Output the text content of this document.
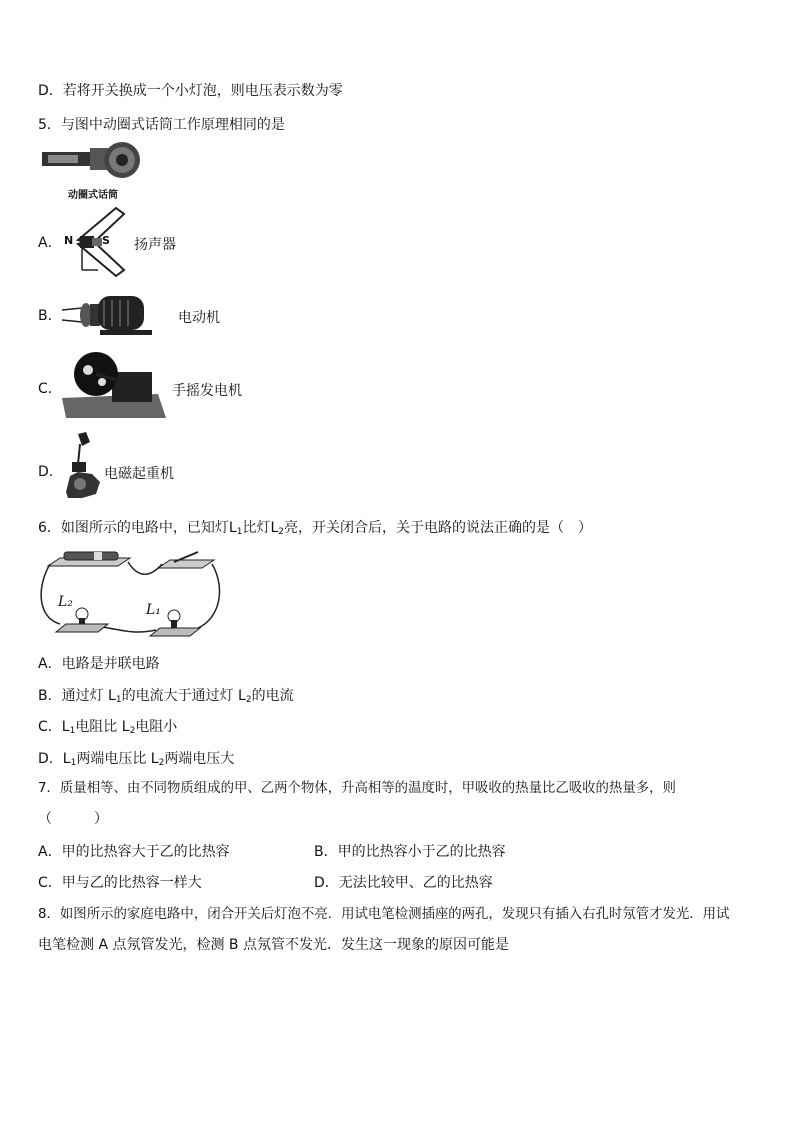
D．若将开关换成一个小灯泡，则电压表示数为零
5．与图中动圈式话筒工作原理相同的是
动圈式话筒
A． N	S 扬声器
B．	电动机
C．	手摇发电机
D．	电磁起重机
6．如图所示的电路中，已知灯$L_1$比灯$L_2$亮，开关闭合后，关于电路的说法正确的是（　）
L₂	L₁
A．电路是并联电路
B．通过灯 $L_1$的电流大于通过灯 $L_2$的电流
C．$L_1$电阻比 $L_2$电阻小
D．$L_1$两端电压比 $L_2$两端电压大
7．质量相等、由不同物质组成的甲、乙两个物体，升高相等的温度时，甲吸收的热量比乙吸收的热量多，则
（　　　）
A．甲的比热容大于乙的比热容	B．甲的比热容小于乙的比热容
C．甲与乙的比热容一样大	D．无法比较甲、乙的比热容
8．如图所示的家庭电路中，闭合开关后灯泡不亮．用试电笔检测插座的两孔，发现只有插入右孔时氖管才发光．用试
电笔检测 A 点氖管发光，检测 B 点氖管不发光．发生这一现象的原因可能是
